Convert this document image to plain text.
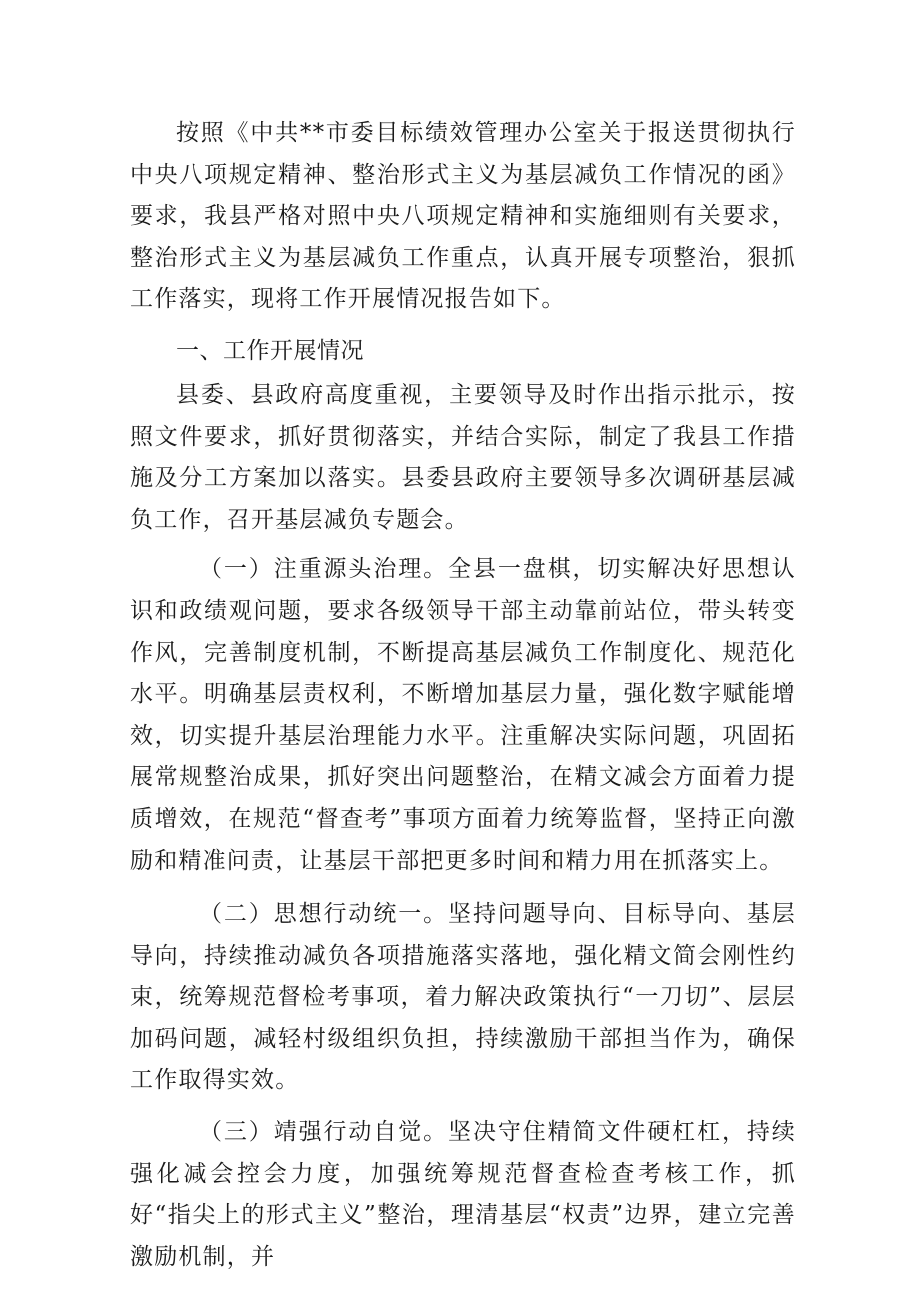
按照《中共**市委目标绩效管理办公室关于报送贯彻执行中央八项规定精神、整治形式主义为基层减负工作情况的函》要求，我县严格对照中央八项规定精神和实施细则有关要求，整治形式主义为基层减负工作重点，认真开展专项整治，狠抓工作落实，现将工作开展情况报告如下。

一、工作开展情况

县委、县政府高度重视，主要领导及时作出指示批示，按照文件要求，抓好贯彻落实，并结合实际，制定了我县工作措施及分工方案加以落实。县委县政府主要领导多次调研基层减负工作，召开基层减负专题会。

（一）注重源头治理。全县一盘棋，切实解决好思想认识和政绩观问题，要求各级领导干部主动靠前站位，带头转变作风，完善制度机制，不断提高基层减负工作制度化、规范化水平。明确基层责权利，不断增加基层力量，强化数字赋能增效，切实提升基层治理能力水平。注重解决实际问题，巩固拓展常规整治成果，抓好突出问题整治，在精文减会方面着力提质增效，在规范“督查考”事项方面着力统筹监督，坚持正向激励和精准问责，让基层干部把更多时间和精力用在抓落实上。

（二）思想行动统一。坚持问题导向、目标导向、基层导向，持续推动减负各项措施落实落地，强化精文简会刚性约束，统筹规范督检考事项，着力解决政策执行“一刀切”、层层加码问题，减轻村级组织负担，持续激励干部担当作为，确保工作取得实效。

（三）靖强行动自觉。坚决守住精简文件硬杠杠，持续强化减会控会力度，加强统筹规范督查检查考核工作，抓好“指尖上的形式主义”整治，理清基层“权责”边界，建立完善激励机制，并
